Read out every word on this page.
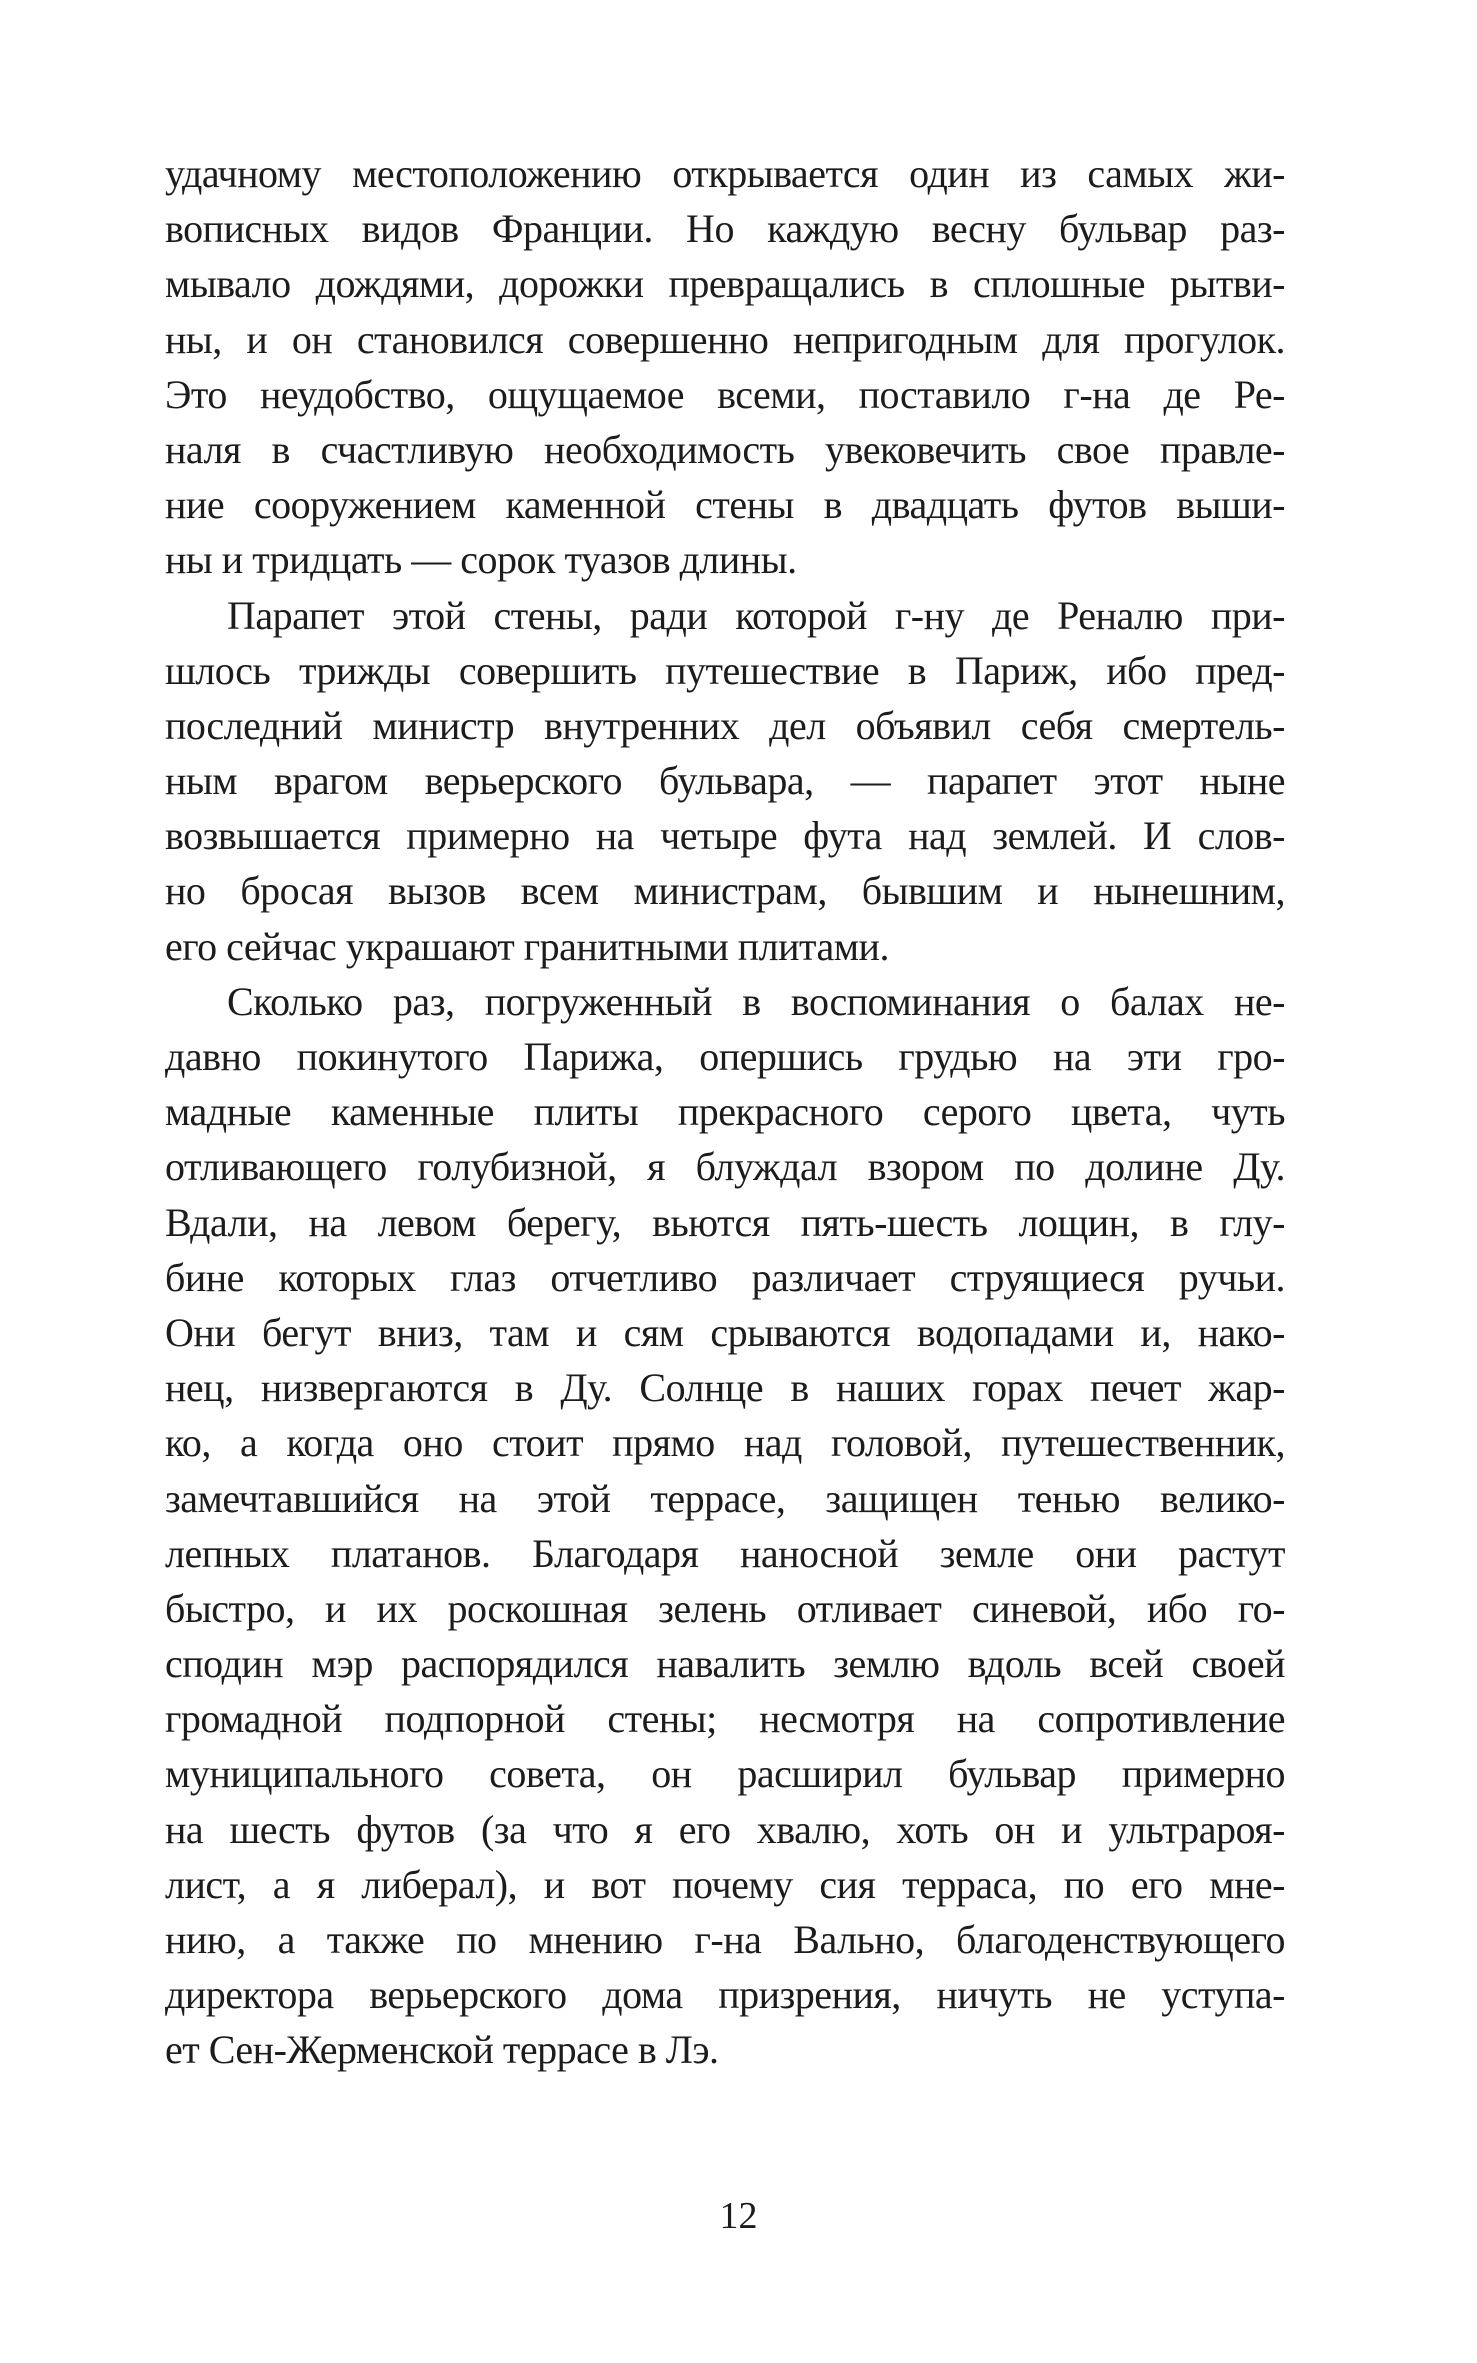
удачному местоположению открывается один из самых жи-
вописных видов Франции. Но каждую весну бульвар раз-
мывало дождями, дорожки превращались в сплошные рытви-
ны, и он становился совершенно непригодным для прогулок.
Это неудобство, ощущаемое всеми, поставило г-на де Ре-
наля в счастливую необходимость увековечить свое правле-
ние сооружением каменной стены в двадцать футов выши-
ны и тридцать — сорок туазов длины.
Парапет этой стены, ради которой г-ну де Реналю при-
шлось трижды совершить путешествие в Париж, ибо пред-
последний министр внутренних дел объявил себя смертель-
ным врагом верьерского бульвара, — парапет этот ныне
возвышается примерно на четыре фута над землей. И слов-
но бросая вызов всем министрам, бывшим и нынешним,
его сейчас украшают гранитными плитами.
Сколько раз, погруженный в воспоминания о балах не-
давно покинутого Парижа, опершись грудью на эти гро-
мадные каменные плиты прекрасного серого цвета, чуть
отливающего голубизной, я блуждал взором по долине Ду.
Вдали, на левом берегу, вьются пять-шесть лощин, в глу-
бине которых глаз отчетливо различает струящиеся ручьи.
Они бегут вниз, там и сям срываются водопадами и, нако-
нец, низвергаются в Ду. Солнце в наших горах печет жар-
ко, а когда оно стоит прямо над головой, путешественник,
замечтавшийся на этой террасе, защищен тенью велико-
лепных платанов. Благодаря наносной земле они растут
быстро, и их роскошная зелень отливает синевой, ибо го-
сподин мэр распорядился навалить землю вдоль всей своей
громадной подпорной стены; несмотря на сопротивление
муниципального совета, он расширил бульвар примерно
на шесть футов (за что я его хвалю, хоть он и ультрароя-
лист, а я либерал), и вот почему сия терраса, по его мне-
нию, а также по мнению г-на Вально, благоденствующего
директора верьерского дома призрения, ничуть не уступа-
ет Сен-Жерменской террасе в Лэ.
12
